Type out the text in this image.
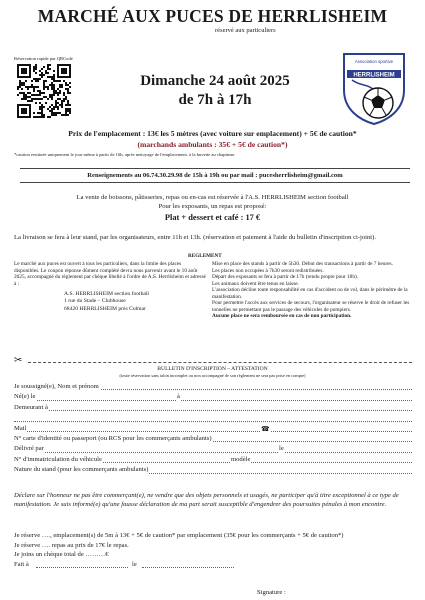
MARCHÉ AUX PUCES DE HERRLISHEIM
réservé aux particuliers
Réservation rapide par QRCode
Dimanche 24 août 2025
de 7h à 17h
HERRLISHEIM
Association sportive
Prix de l'emplacement : 13€ les 5 mètres (avec voiture sur emplacement) + 5€ de caution*
(marchands ambulants : 35€ + 5€ de caution*)
*caution restituée uniquement le jour même à partir de 16h, après nettoyage de l'emplacement, à la buvette au chapiteau
Renseignements au 06.74.30.29.98 de 15h à 19h ou par mail : pucesherrlisheim@gmail.com
La vente de boissons, pâtisseries, repas ou en-cas est réservée à l'A.S. HERRLISHEIM section football
Pour les exposants, un repas est proposé:
Plat + dessert et café : 17 €
La livraison se fera à leur stand, par les organisateurs, entre 11h et 13h. (réservation et paiement à l'aide du bulletin d'inscription ci-joint).
REGLEMENT
Le marché aux puces est ouvert à tous les particuliers, dans la limite des places disponibles. Le coupon réponse dûment complété devra nous parvenir avant le 10 août 2025, accompagné du règlement par chèque libellé à l'ordre de A.S. Herrlisheim et adressé à :
A.S. HERRLISHEIM section football
1 rue du Stade – Clubhouse
68420 HERRLISHEIM près Colmar
Mise en place des stands à partir de 5h30. Début des transactions à partir de 7 heures.
Les places non occupées à 7h30 seront redistribuées.
Départ des exposants se fera à partir de 17h (rendu propre pour 18h).
Les animaux doivent être tenus en laisse.
L'association décline toute responsabilité en cas d'accident ou de vol, dans le périmètre de la manifestation.
Pour permettre l'accès aux services de secours, l'organisateur se réserve le droit de refuser les tonnelles ne permettant pas le passage des véhicules de pompiers.
Aucune place ne sera remboursée en cas de non participation.
✂
BULLETIN D'INSCRIPTION – ATTESTATION
(toute réservation sans talon incomplet ou non accompagné de son règlement ne sera pas prise en compte)
Je soussigné(e), Nom et prénom
Né(e) le	à
Demeurant à
Mail	☎
N° carte d'identité ou passeport (ou RCS pour les commerçants ambulants)
Délivré par	le
N° d'immatriculation du véhicule	modèle
Nature du stand (pour les commerçants ambulants)
Déclare sur l'honneur ne pas être commerçant(e), ne vendre que des objets personnels et usagés, ne participer qu'à titre exceptionnel à ce type de manifestation. Je suis informé(e) qu'une fausse déclaration de ma part serait susceptible d'engendrer des poursuites pénales à mon encontre.
Je réserve …., emplacement(s) de 5m à 13€ + 5€ de caution* par emplacement (35€ pour les commerçants + 5€ de caution*)
Je réserve …. repas au prix de 17€ le repas.
Je joins un chèque total de ………€
Fait à	le
Signature :
